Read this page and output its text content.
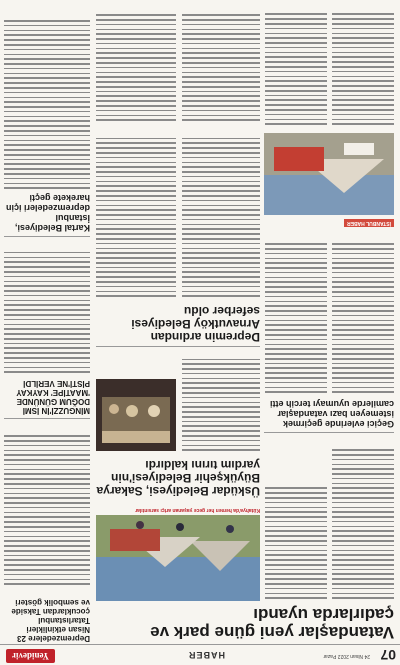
07
24 Nisan 2022 Pazar
HABER
Yenidevir
Vatandaşlar yeni güne park ve çadırlarda uyandı
Kütahya'da hemen her gece yaşanan artçı sarsıntılar
Depremzedelere 23 Nisan etkinlikleri Tatarlıstanbul çocuklardan Takside ve sembolik gösteri
Geçici evlerinde geçirmek istemeyen bazı vatandaşlar camilerde uyumayı tercih etti
Üsküdar Belediyesi, Sakarya Büyükşehir Belediyesi'nin yardım tırını kaldırdı
MİNGUZZİ'İN İSMİ DOĞUM GÜNÜNDE 'MAATİPE' KAYKAY PİSTİ'NE VERİLDİ
Depremin ardından Arnavutköy Belediyesi seferber oldu
İSTANBUL HABER
Kartal Belediyesi, İstanbul depremzedeleri için harekete geçti
